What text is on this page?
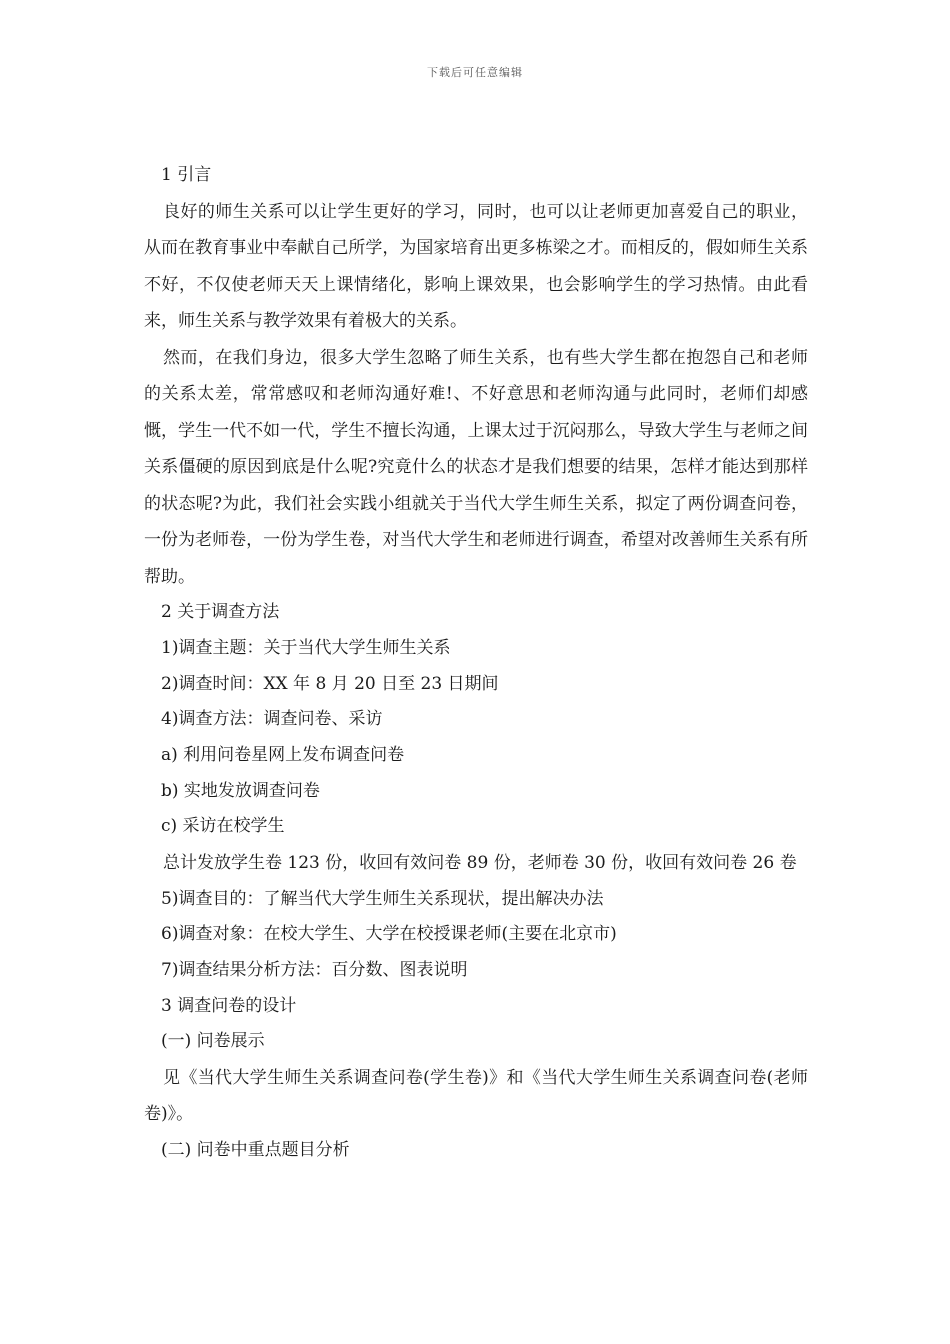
下载后可任意编辑
1 引言

良好的师生关系可以让学生更好的学习，同时，也可以让老师更加喜爱自己的职业，从而在教育事业中奉献自己所学，为国家培育出更多栋梁之才。而相反的，假如师生关系不好，不仅使老师天天上课情绪化，影响上课效果，也会影响学生的学习热情。由此看来，师生关系与教学效果有着极大的关系。

然而，在我们身边，很多大学生忽略了师生关系，也有些大学生都在抱怨自己和老师的关系太差，常常感叹和老师沟通好难!、不好意思和老师沟通与此同时，老师们却感慨，学生一代不如一代，学生不擅长沟通，上课太过于沉闷那么，导致大学生与老师之间关系僵硬的原因到底是什么呢?究竟什么的状态才是我们想要的结果，怎样才能达到那样的状态呢?为此，我们社会实践小组就关于当代大学生师生关系，拟定了两份调查问卷，一份为老师卷，一份为学生卷，对当代大学生和老师进行调查，希望对改善师生关系有所帮助。

2 关于调查方法
1)调查主题：关于当代大学生师生关系
2)调查时间：XX 年 8 月 20 日至 23 日期间
4)调查方法：调查问卷、采访
a) 利用问卷星网上发布调查问卷
b) 实地发放调查问卷
c) 采访在校学生

总计发放学生卷 123 份，收回有效问卷 89 份，老师卷 30 份，收回有效问卷 26 卷

5)调查目的：了解当代大学生师生关系现状，提出解决办法
6)调查对象：在校大学生、大学在校授课老师(主要在北京市)
7)调查结果分析方法：百分数、图表说明
3 调查问卷的设计
(一) 问卷展示

见《当代大学生师生关系调查问卷(学生卷)》和《当代大学生师生关系调查问卷(老师卷)》。

(二) 问卷中重点题目分析
